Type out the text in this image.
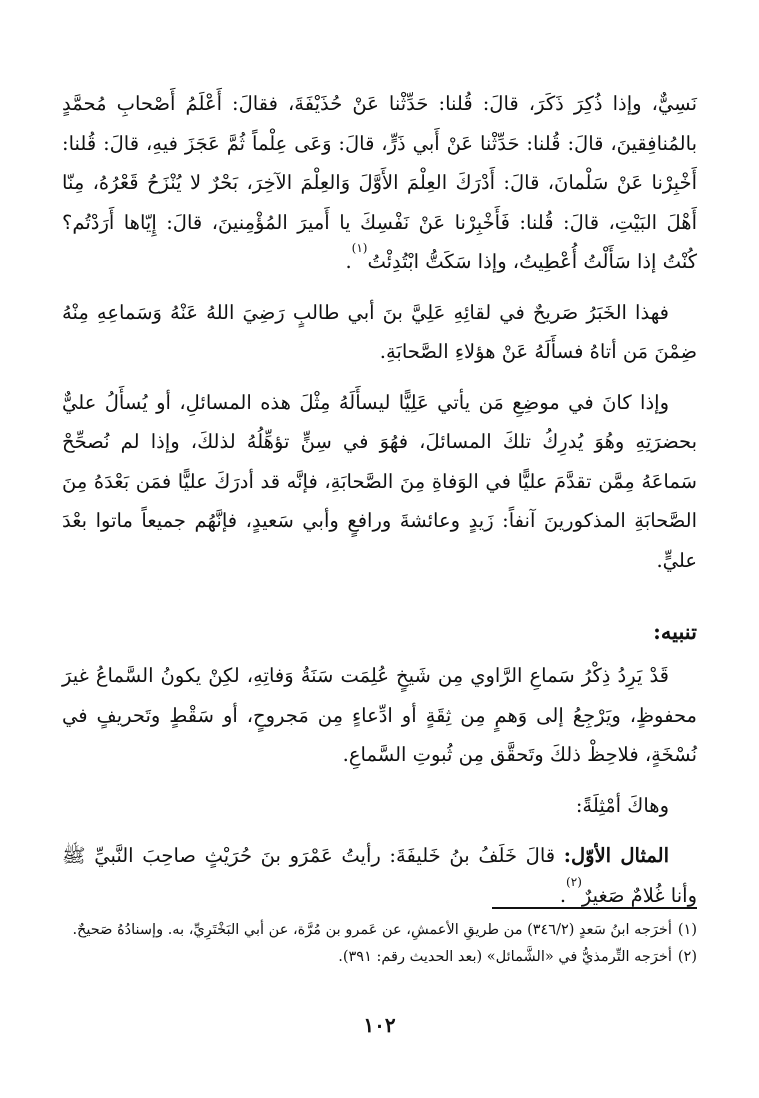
نَسِيٌّ، وإذا ذُكِرَ ذَكَرَ، قالَ: قُلنا: حَدِّثْنا عَنْ حُذَيْفَةَ، فقالَ: أَعْلَمُ أَصْحابِ مُحمَّدٍ بالمُنافِقينَ، قالَ: قُلنا: حَدِّثْنا عَنْ أَبي ذَرٍّ، قالَ: وَعَى عِلْماً ثُمَّ عَجَزَ فيهِ، قالَ: قُلنا: أَخْبِرْنا عَنْ سَلْمانَ، قالَ: أَدْرَكَ العِلْمَ الأَوَّلَ وَالعِلْمَ الآخِرَ، بَحْرٌ لا يُنْزَحُ قَعْرُهُ، مِنّا أَهْلَ البَيْتِ، قالَ: قُلنا: فَأَخْبِرْنا عَنْ نَفْسِكَ يا أَميرَ المُؤْمِنينَ، قالَ: إِيّاها أَرَدْتُم؟ كُنْتُ إذا سَأَلْتُ أُعْطِيتُ، وإذا سَكَتُّ ابْتُدِئْتُ$^{(١)}$.

فهذا الخَبَرُ صَريحٌ في لقائِهِ عَلِيَّ بنَ أبي طالبٍ رَضِيَ اللهُ عَنْهُ وَسَماعِهِ مِنْهُ ضِمْنَ مَن أتاهُ فسأَلَهُ عَنْ هؤلاءِ الصَّحابَةِ.

وإذا كانَ في موضِعِ مَن يأتي عَلِيًّا ليسأَلَهُ مِثْلَ هذه المسائلِ، أو يُسأَلُ عليٌّ بحضرَتِهِ وهُوَ يُدرِكُ تلكَ المسائلَ، فهُوَ في سِنٍّ تؤهِّلُهُ لذلكَ، وإذا لم نُصحِّحْ سَماعَهُ مِمَّن تقدَّمَ عليًّا في الوَفاةِ مِنَ الصَّحابَةِ، فإنَّه قد أدرَكَ عليًّا فمَن بَعْدَهُ مِنَ الصَّحابَةِ المذكورينَ آنفاً: زَيدٍ وعائشةَ ورافعٍ وأبي سَعيدٍ، فإنَّهُم جميعاً ماتوا بعْدَ عليٍّ.

تنبيه:

قَدْ يَرِدُ ذِكْرُ سَماعِ الرَّاوي مِن شَيخٍ عُلِمَت سَنَةُ وَفاتِهِ، لكِنْ يكونُ السَّماعُ غيرَ محفوظٍ، ويَرْجِعُ إلى وَهمٍ مِن ثِقَةٍ أو ادِّعاءٍ مِن مَجروحٍ، أو سَقْطٍ وتَحريفٍ في نُسْخَةٍ، فلاحِظْ ذلكَ وتَحقَّق مِن ثُبوتِ السَّماعِ.

وهاكَ أمْثِلَةً:

المثال الأوّل: قالَ خَلَفُ بنُ خَليفَةَ: رأيتُ عَمْرَو بنَ حُرَيْثٍ صاحِبَ النَّبيِّ ﷺ وأنا غُلامٌ صَغيرٌ$^{(٢)}$.

(١)أخرَجه ابنُ سَعدٍ (٣٤٦/٢) من طريقِ الأعمشِ، عن عَمرو بن مُرَّة، عن أبي البَخْتَرِيِّ، به. وإسنادُهُ صَحيحٌ.

(٢)أخرَجه التِّرمذيُّ في «الشَّمائل» (بعد الحديث رقم: ٣٩١).

١٠٢
